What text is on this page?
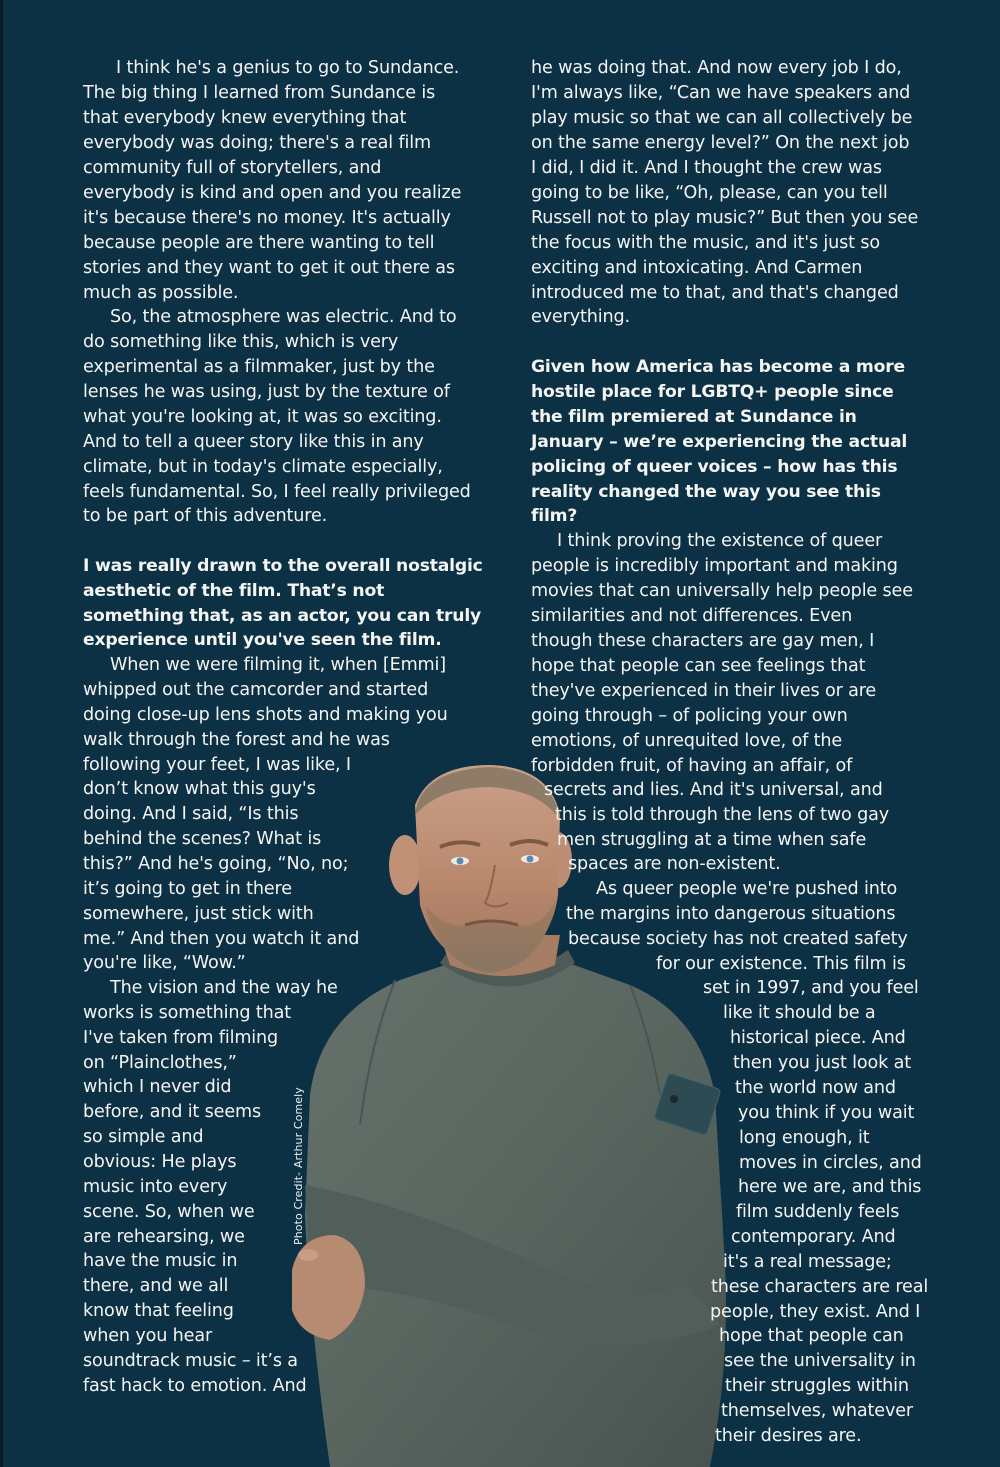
Photo Credit- Arthur Comely
I think he's a genius to go to Sundance.
The big thing I learned from Sundance is
that everybody knew everything that
everybody was doing; there's a real film
community full of storytellers, and
everybody is kind and open and you realize
it's because there's no money. It's actually
because people are there wanting to tell
stories and they want to get it out there as
much as possible.
So, the atmosphere was electric. And to
do something like this, which is very
experimental as a filmmaker, just by the
lenses he was using, just by the texture of
what you're looking at, it was so exciting.
And to tell a queer story like this in any
climate, but in today's climate especially,
feels fundamental. So, I feel really privileged
to be part of this adventure.
I was really drawn to the overall nostalgic
aesthetic of the film. That’s not
something that, as an actor, you can truly
experience until you've seen the film.
When we were filming it, when [Emmi]
whipped out the camcorder and started
doing close-up lens shots and making you
walk through the forest and he was
following your feet, I was like, I
don’t know what this guy's
doing. And I said, “Is this
behind the scenes? What is
this?” And he's going, “No, no;
it’s going to get in there
somewhere, just stick with
me.” And then you watch it and
you're like, “Wow.”
The vision and the way he
works is something that
I've taken from filming
on “Plainclothes,”
which I never did
before, and it seems
so simple and
obvious: He plays
music into every
scene. So, when we
are rehearsing, we
have the music in
there, and we all
know that feeling
when you hear
soundtrack music – it’s a
fast hack to emotion. And
he was doing that. And now every job I do,
I'm always like, “Can we have speakers and
play music so that we can all collectively be
on the same energy level?” On the next job
I did, I did it. And I thought the crew was
going to be like, “Oh, please, can you tell
Russell not to play music?” But then you see
the focus with the music, and it's just so
exciting and intoxicating. And Carmen
introduced me to that, and that's changed
everything.
Given how America has become a more
hostile place for LGBTQ+ people since
the film premiered at Sundance in
January – we’re experiencing the actual
policing of queer voices – how has this
reality changed the way you see this
film?
I think proving the existence of queer
people is incredibly important and making
movies that can universally help people see
similarities and not differences. Even
though these characters are gay men, I
hope that people can see feelings that
they've experienced in their lives or are
going through – of policing your own
emotions, of unrequited love, of the
forbidden fruit, of having an affair, of
secrets and lies. And it's universal, and
this is told through the lens of two gay
men struggling at a time when safe
spaces are non-existent.
As queer people we're pushed into
the margins into dangerous situations
because society has not created safety
for our existence. This film is
set in 1997, and you feel
like it should be a
historical piece. And
then you just look at
the world now and
you think if you wait
long enough, it
moves in circles, and
here we are, and this
film suddenly feels
contemporary. And
it's a real message;
these characters are real
people, they exist. And I
hope that people can
see the universality in
their struggles within
themselves, whatever
their desires are.
